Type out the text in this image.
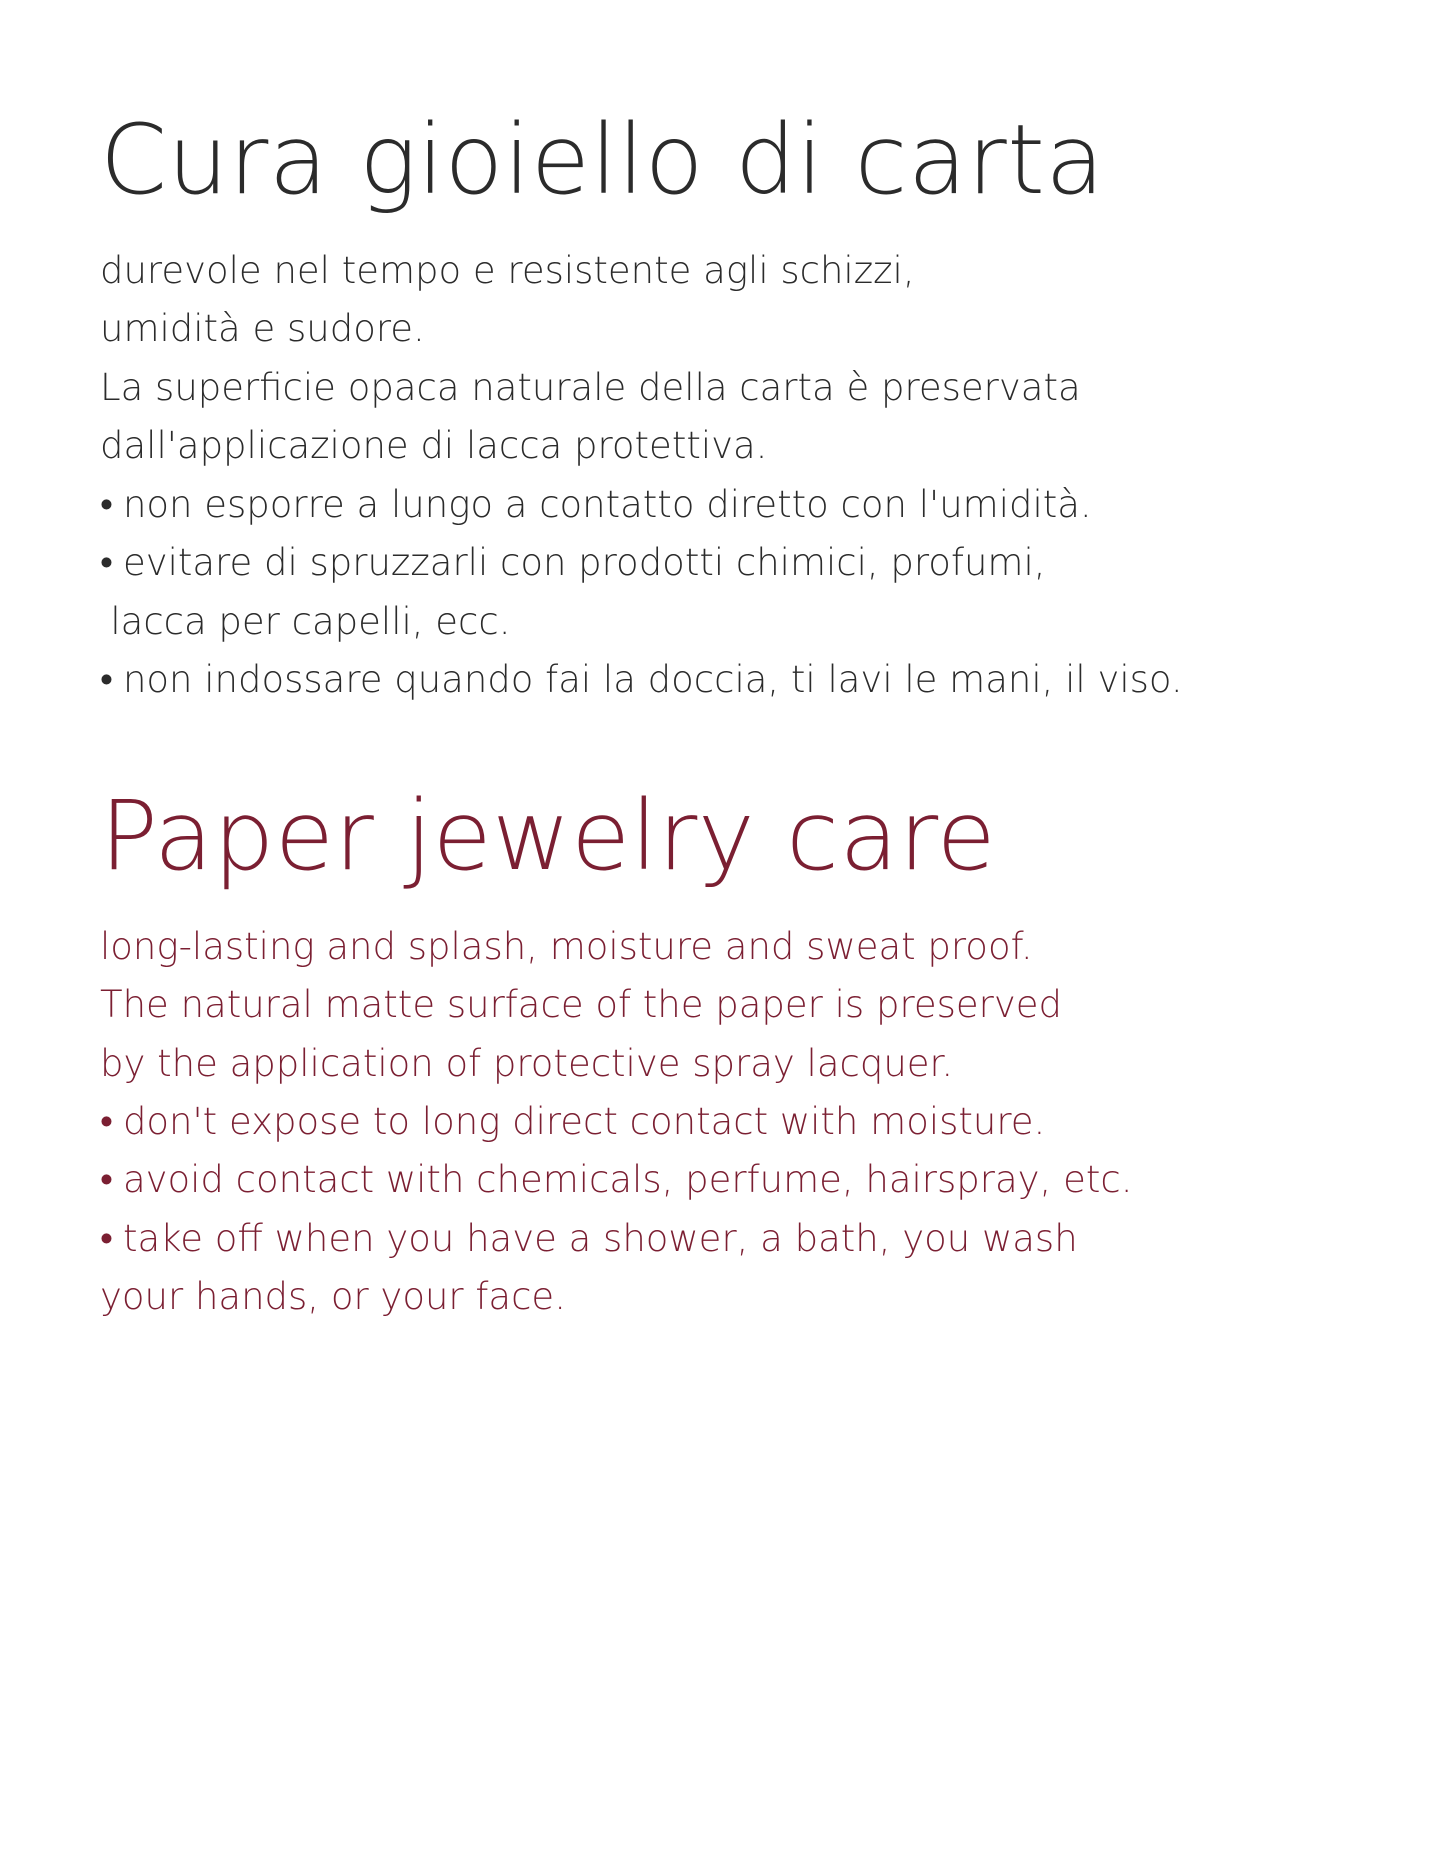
Cura gioiello di carta

durevole nel tempo e resistente agli schizzi,
umidità e sudore.
La superficie opaca naturale della carta è preservata
dall'applicazione di lacca protettiva.

•non esporre a lungo a contatto diretto con l'umidità.
•evitare di spruzzarli con prodotti chimici, profumi,
lacca per capelli, ecc.
•non indossare quando fai la doccia, ti lavi le mani, il viso.
Paper jewelry care

long-lasting and splash, moisture and sweat proof.
The natural matte surface of the paper is preserved
by the application of protective spray lacquer.

•don't expose to long direct contact with moisture.
•avoid contact with chemicals, perfume, hairspray, etc.
•take off when you have a shower, a bath, you wash
your hands, or your face.
